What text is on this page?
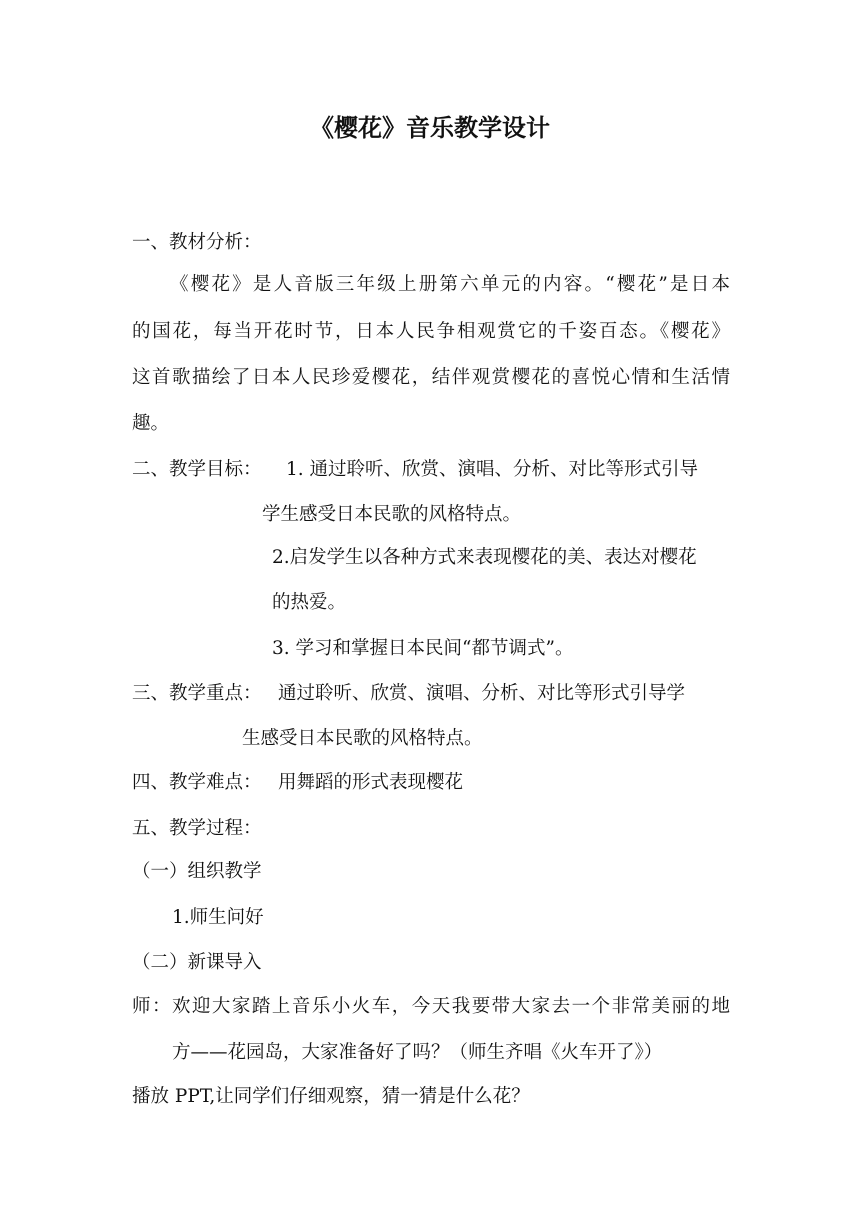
《樱花》音乐教学设计
一、教材分析：
《樱花》是人音版三年级上册第六单元的内容。“樱花”是日本
的国花，每当开花时节，日本人民争相观赏它的千姿百态。《樱花》
这首歌描绘了日本人民珍爱樱花，结伴观赏樱花的喜悦心情和生活情
趣。
二、教学目标： 1. 通过聆听、欣赏、演唱、分析、对比等形式引导
学生感受日本民歌的风格特点。
2.启发学生以各种方式来表现樱花的美、表达对樱花
的热爱。
3. 学习和掌握日本民间“都节调式”。
三、教学重点： 通过聆听、欣赏、演唱、分析、对比等形式引导学
生感受日本民歌的风格特点。
四、教学难点： 用舞蹈的形式表现樱花
五、教学过程：
（一）组织教学
1.师生问好
（二）新课导入
师：欢迎大家踏上音乐小火车，今天我要带大家去一个非常美丽的地
方——花园岛，大家准备好了吗？（师生齐唱《火车开了》）
播放 PPT,让同学们仔细观察，猜一猜是什么花？
